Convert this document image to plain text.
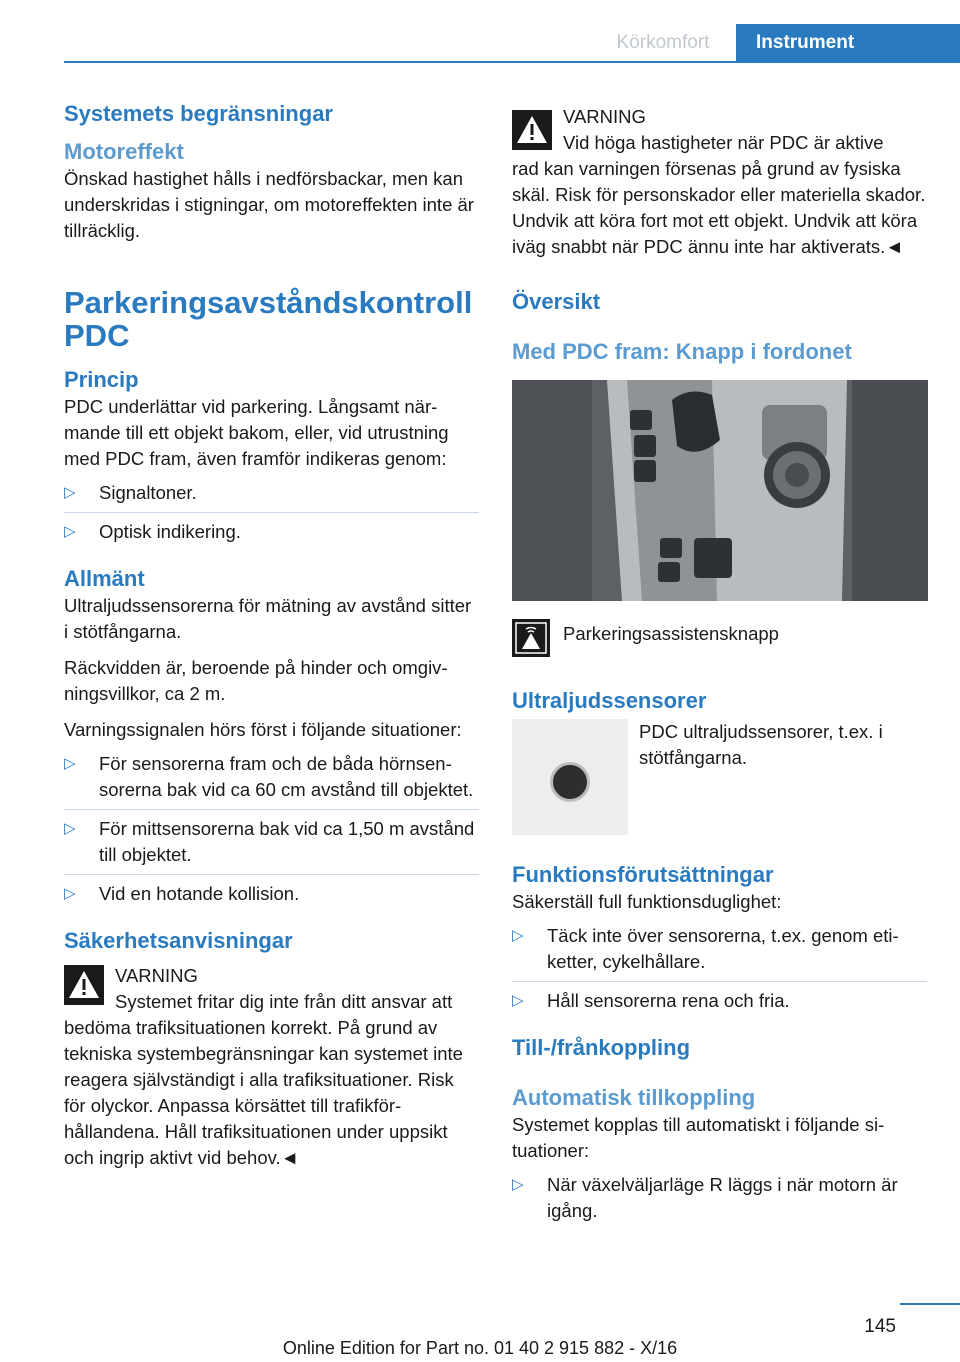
Körkomfort	Instrument
Systemets begränsningar
Motoreffekt

Önskad hastighet hålls i nedförsbackar, men kan underskridas i stigningar, om motoreffekten inte är tillräcklig.

Parkeringsavståndskontroll PDC
Princip

PDC underlättar vid parkering. Långsamt närmande till ett objekt bakom, eller, vid utrustning med PDC fram, även framför indikeras genom:

▷ Signaltoner.
▷ Optisk indikering.
Allmänt

Ultraljudssensorerna för mätning av avstånd sitter i stötfångarna.

Räckvidden är, beroende på hinder och omgivningsvillkor, ca 2 m.

Varningssignalen hörs först i följande situationer:

▷ För sensorerna fram och de båda hörnsensorerna bak vid ca 60 cm avstånd till objektet.
▷ För mittsensorerna bak vid ca 1,50 m avstånd till objektet.
▷ Vid en hotande kollision.
Säkerhetsanvisningar
VARNING
Systemet fritar dig inte från ditt ansvar att

bedöma trafiksituationen korrekt. På grund av tekniska systembegränsningar kan systemet inte reagera självständigt i alla trafiksituationer. Risk för olyckor. Anpassa körsättet till trafikförhållandena. Håll trafiksituationen under uppsikt och ingrip aktivt vid behov.◄

VARNING
Vid höga hastigheter när PDC är aktive

rad kan varningen försenas på grund av fysiska skäl. Risk för personskador eller materiella skador. Undvik att köra fort mot ett objekt. Undvik att köra iväg snabbt när PDC ännu inte har aktiverats.◄

Översikt
Med PDC fram: Knapp i fordonet
Parkeringsassistensknapp
Ultraljudssensorer
PDC ultraljudssensorer, t.ex. i stötfångarna.
Funktionsförutsättningar

Säkerställ full funktionsduglighet:

▷ Täck inte över sensorerna, t.ex. genom etiketter, cykelhållare.
▷ Håll sensorerna rena och fria.
Till-/frånkoppling
Automatisk tillkoppling

Systemet kopplas till automatiskt i följande situationer:

▷ När växelväljarläge R läggs i när motorn är igång.
145
Online Edition for Part no. 01 40 2 915 882 - X/16
